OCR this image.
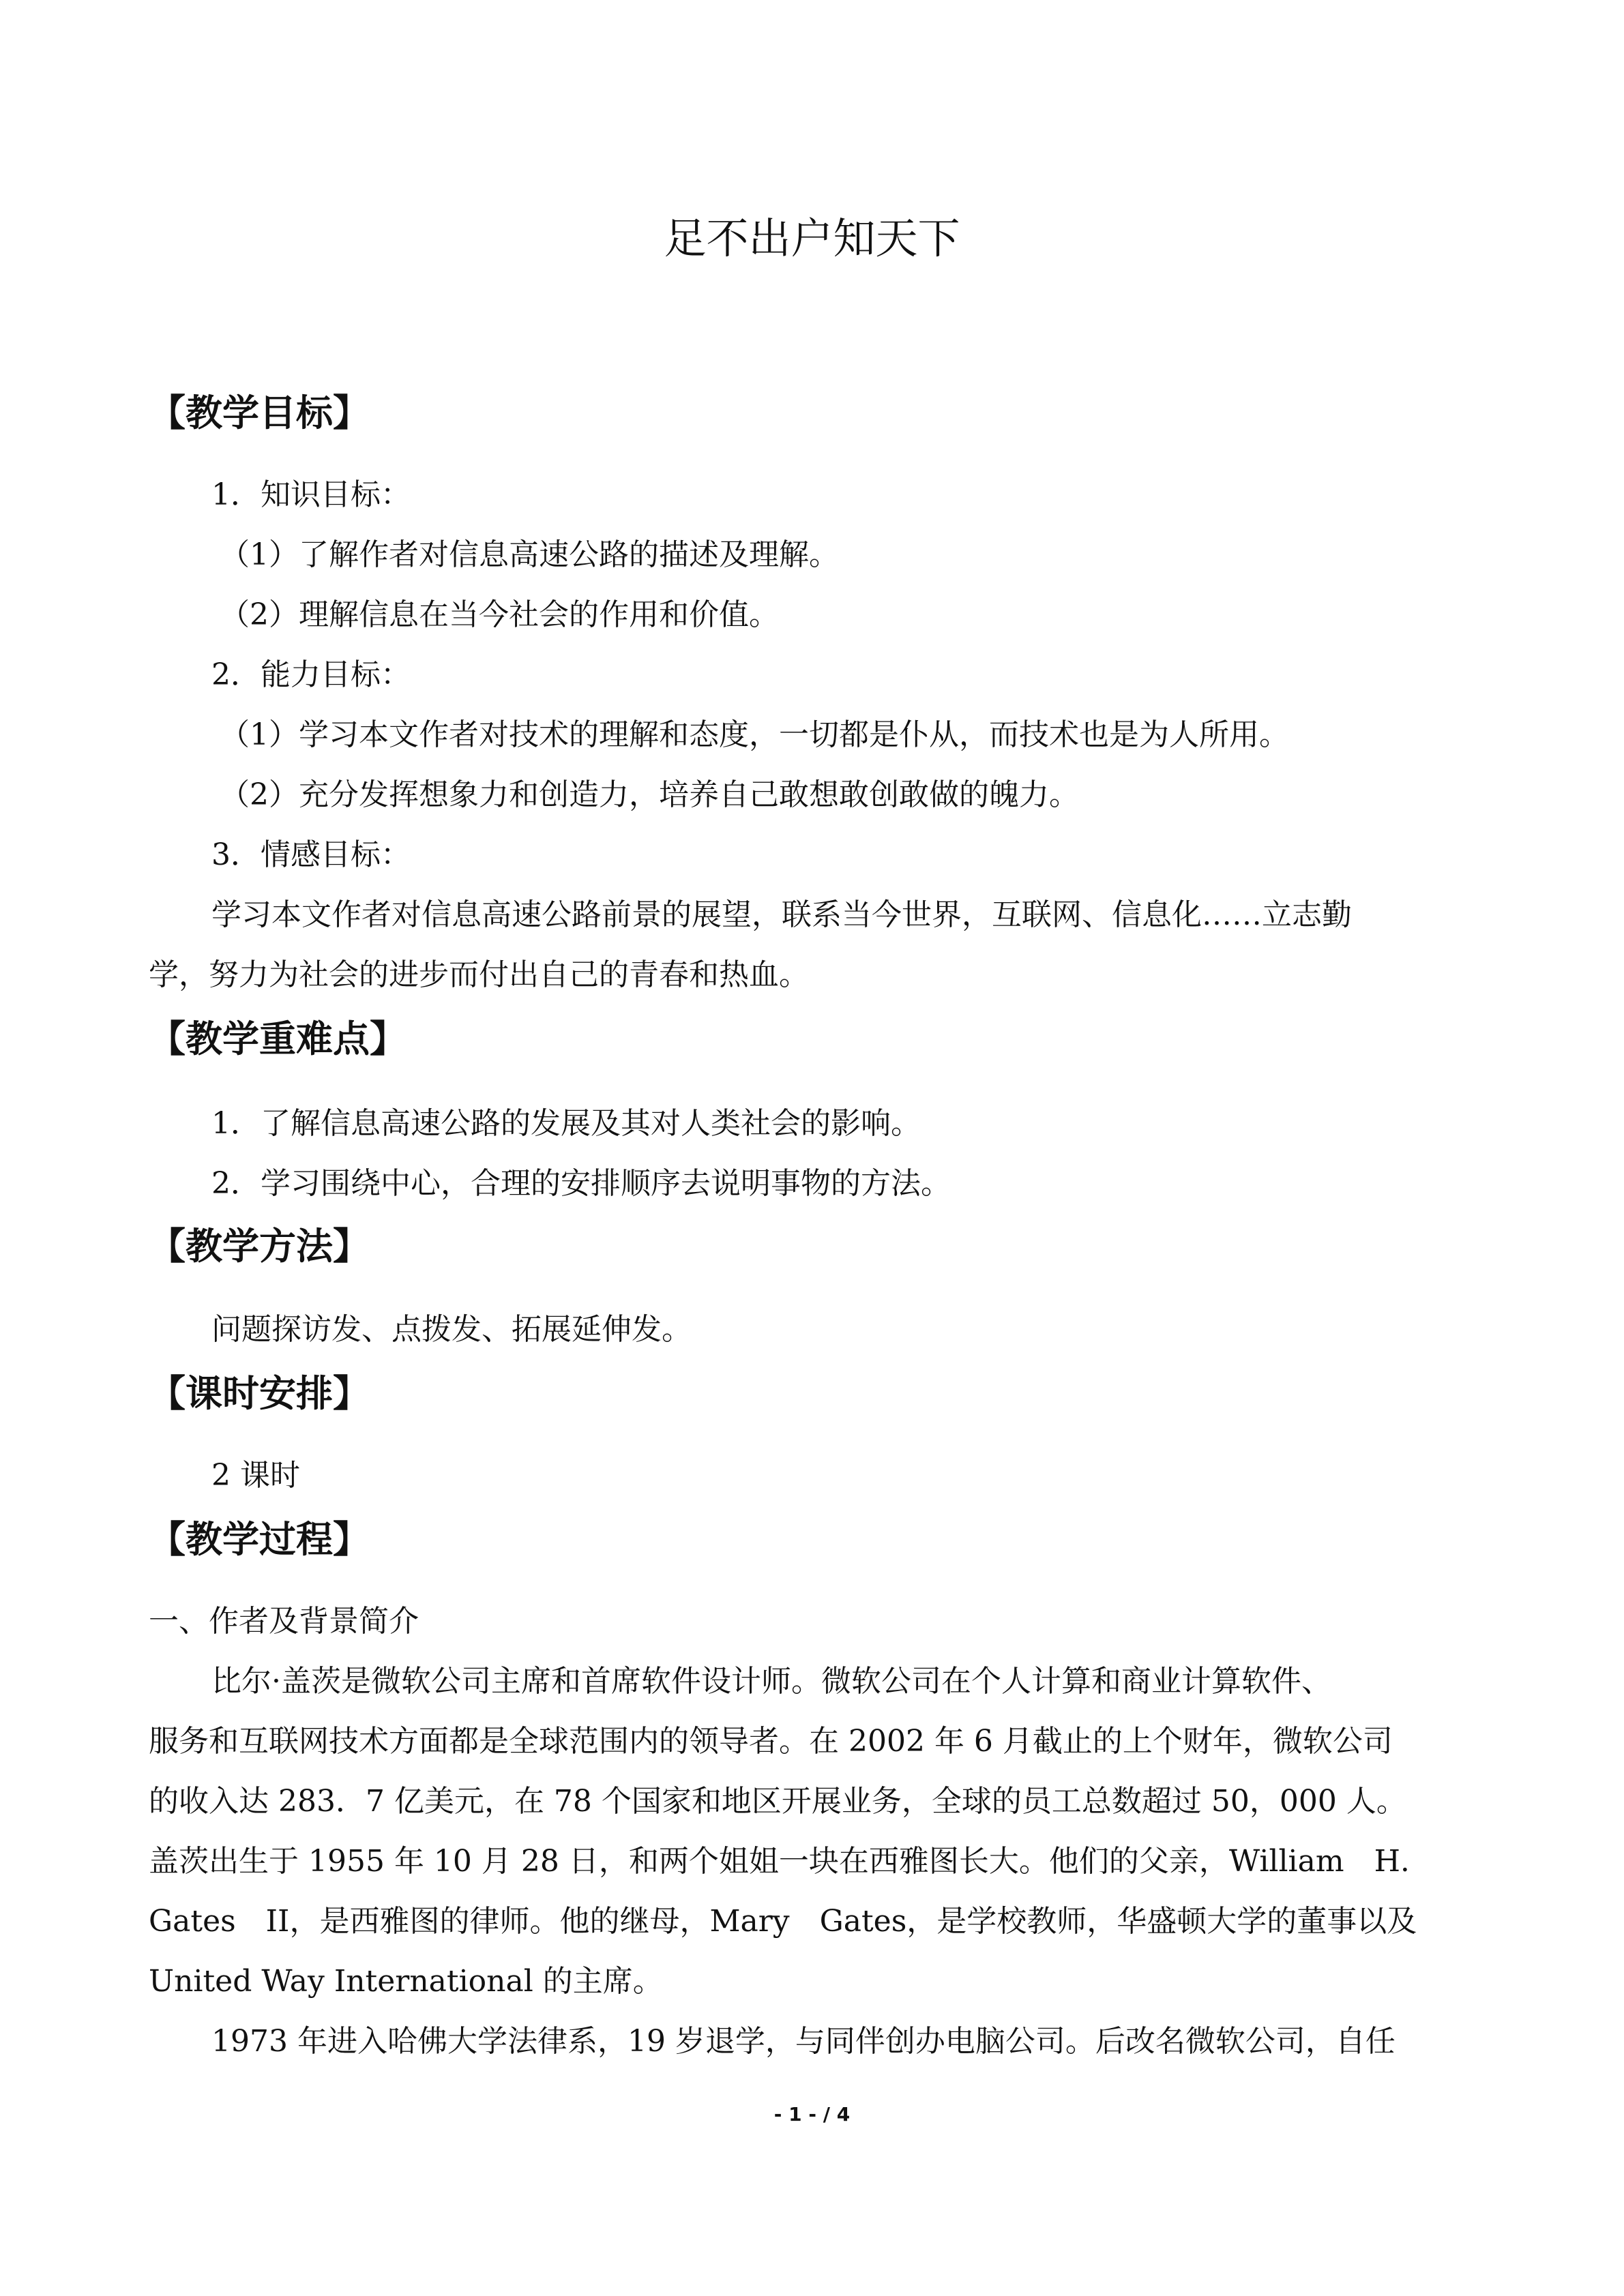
足不出户知天下
【教学目标】
1．知识目标：
（1）了解作者对信息高速公路的描述及理解。
（2）理解信息在当今社会的作用和价值。
2．能力目标：
（1）学习本文作者对技术的理解和态度，一切都是仆从，而技术也是为人所用。
（2）充分发挥想象力和创造力，培养自己敢想敢创敢做的魄力。
3．情感目标：
学习本文作者对信息高速公路前景的展望，联系当今世界，互联网、信息化……立志勤
学，努力为社会的进步而付出自己的青春和热血。
【教学重难点】
1．了解信息高速公路的发展及其对人类社会的影响。
2．学习围绕中心，合理的安排顺序去说明事物的方法。
【教学方法】
问题探访发、点拨发、拓展延伸发。
【课时安排】
2 课时
【教学过程】
一、作者及背景简介
比尔·盖茨是微软公司主席和首席软件设计师。微软公司在个人计算和商业计算软件、
服务和互联网技术方面都是全球范围内的领导者。在 2002 年 6 月截止的上个财年，微软公司
的收入达 283．7 亿美元，在 78 个国家和地区开展业务，全球的员工总数超过 50，000 人。
盖茨出生于 1955 年 10 月 28 日，和两个姐姐一块在西雅图长大。他们的父亲，William　H.
Gates　II，是西雅图的律师。他的继母，Mary　Gates，是学校教师，华盛顿大学的董事以及
United Way International 的主席。
1973 年进入哈佛大学法律系，19 岁退学，与同伴创办电脑公司。后改名微软公司，自任
- 1 - / 4
